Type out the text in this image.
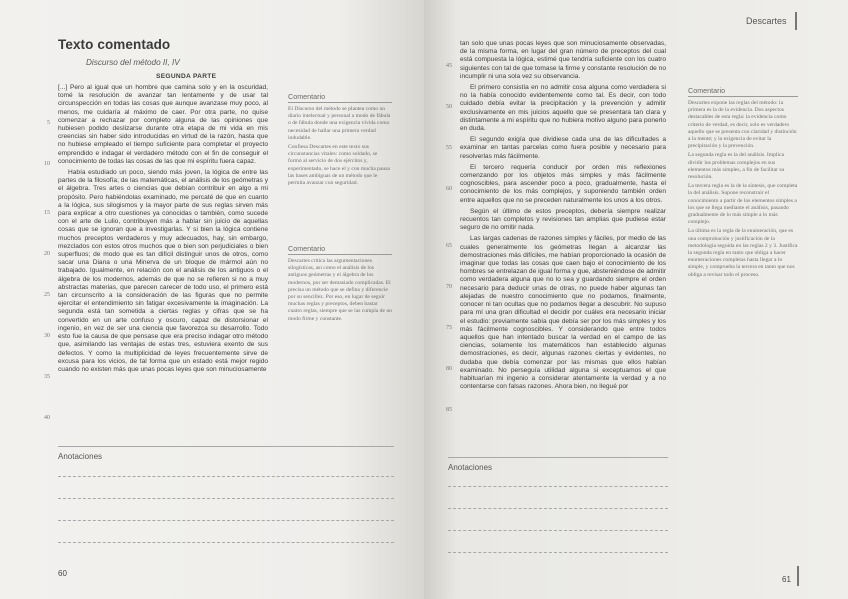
Texto comentado
Discurso del método II, IV
SEGUNDA PARTE

[...] Pero al igual que un hombre que camina solo y en la oscuridad, tomé la resolución de avanzar tan lentamente y de usar tal circunspección en todas las cosas que aunque avanzase muy poco, al menos, me cuidaría al máximo de caer. Por otra parte, no quise comenzar a rechazar por completo alguna de las opiniones que hubiesen podido deslizarse durante otra etapa de mi vida en mis creencias sin haber sido introducidas en virtud de la razón, hasta que no hubiese empleado el tiempo suficiente para completar el proyecto emprendido e indagar el verdadero método con el fin de conseguir el conocimiento de todas las cosas de las que mi espíritu fuera capaz.

Había estudiado un poco, siendo más joven, la lógica de entre las partes de la filosofía; de las matemáticas, el análisis de los geómetras y el álgebra. Tres artes o ciencias que debían contribuir en algo a mi propósito. Pero habiéndolas examinado, me percaté de que en cuanto a la lógica, sus silogismos y la mayor parte de sus reglas sirven más para explicar a otro cuestiones ya conocidas o también, como sucede con el arte de Lulio, contribuyen más a hablar sin juicio de aquellas cosas que se ignoran que a investigarlas. Y si bien la lógica contiene muchos preceptos verdaderos y muy adecuados, hay, sin embargo, mezclados con estos otros muchos que o bien son perjudiciales o bien superfluos; de modo que es tan difícil distinguir unos de otros, como sacar una Diana o una Minerva de un bloque de mármol aún no trabajado. Igualmente, en relación con el análisis de los antiguos o el álgebra de los modernos, además de que no se refieren si no a muy abstractas materias, que parecen carecer de todo uso, el primero está tan circunscrito a la consideración de las figuras que no permite ejercitar el entendimiento sin fatigar excesivamente la imaginación. La segunda está tan sometida a ciertas reglas y cifras que se ha convertido en un arte confuso y oscuro, capaz de distorsionar el ingenio, en vez de ser una ciencia que favorezca su desarrollo. Todo esto fue la causa de que pensase que era preciso indagar otro método que, asimilando las ventajas de estas tres, estuviera exento de sus defectos. Y como la multiplicidad de leyes frecuentemente sirve de excusa para los vicios, de tal forma que un estado está mejor regido cuando no existen más que unas pocas leyes que son minuciosamente

5
10
15
20
25
30
35
40
Comentario

El Discurso del método se plantea como un diario intelectual y personal a modo de fábula o de fábula donde una exigencia vivida como necesidad de hallar una primera verdad indudable.

Confiesa Descartes en este texto sus circunstancias vitales: como soldado, se formó al servicio de dos ejércitos y, experimentado, se hace el y con mucha pausa las bases ambiguas de un método que le permita avanzar con seguridad.

Comentario

Descartes critica las argumentaciones silogísticas, así como el análisis de los antiguos geómetras y el álgebra de los modernos, por ser demasiado complicadas. El precisa un método que se defina y diferencie por su sencillez. Por eso, en lugar de seguir muchas reglas y preceptos, deben bastar cuatro reglas, siempre que se las cumpla de un modo firme y constante.

Anotaciones
60
Descartes

tan solo que unas pocas leyes que son minuciosamente observadas, de la misma forma, en lugar del gran número de preceptos del cual está compuesta la lógica, estimé que tendría suficiente con los cuatro siguientes con tal de que tomase la firme y constante resolución de no incumplir ni una sola vez su observancia.

El primero consistía en no admitir cosa alguna como verdadera si no la había conocido evidentemente como tal. Es decir, con todo cuidado debía evitar la precipitación y la prevención y admitir exclusivamente en mis juicios aquello que se presentara tan clara y distintamente a mi espíritu que no hubiera motivo alguno para ponerlo en duda.

El segundo exigía que dividiese cada una de las dificultades a examinar en tantas parcelas como fuera posible y necesario para resolverlas más fácilmente.

El tercero requería conducir por orden mis reflexiones comenzando por los objetos más simples y más fácilmente cognoscibles, para ascender poco a poco, gradualmente, hasta el conocimiento de los más complejos, y suponiendo también orden entre aquellos que no se preceden naturalmente los unos a los otros.

Según el último de estos preceptos, debería siempre realizar recuentos tan completos y revisiones tan amplias que pudiese estar seguro de no omitir nada.

Las largas cadenas de razones simples y fáciles, por medio de las cuales generalmente los geómetras llegan a alcanzar las demostraciones más difíciles, me habían proporcionado la ocasión de imaginar que todas las cosas que caen bajo el conocimiento de los hombres se entrelazan de igual forma y que, absteniéndose de admitir como verdadera alguna que no lo sea y guardando siempre el orden necesario para deducir unas de otras, no puede haber algunas tan alejadas de nuestro conocimiento que no podamos, finalmente, conocer ni tan ocultas que no podamos llegar a descubrir. No supuso para mí una gran dificultad el decidir por cuáles era necesario iniciar el estudio: previamente sabía que debía ser por los más simples y los más fácilmente cognoscibles. Y considerando que entre todos aquellos que han intentado buscar la verdad en el campo de las ciencias, solamente los matemáticos han establecido algunas demostraciones, es decir, algunas razones ciertas y evidentes, no dudaba que debía comenzar por las mismas que ellos habían examinado. No perseguía utilidad alguna si exceptuamos el que habituarían mi ingenio a considerar atentamente la verdad y a no contentarse con falsas razones. Ahora bien, no llegué por

45
50
55
60
65
70
75
80
85
Comentario

Descartes expone las reglas del método: la primera es la de la evidencia. Dos aspectos destacables de esta regla: la evidencia como criterio de verdad, es decir, solo es verdadero aquello que se presenta con claridad y distinción a la mente; y la exigencia de evitar la precipitación y la prevención.

La segunda regla es la del análisis. Implica dividir los problemas complejos en sus elementos más simples, a fin de facilitar su resolución.

La tercera regla es la de la síntesis, que completa la del análisis. Supone reconstruir el conocimiento a partir de los elementos simples a los que se llega mediante el análisis, pasando gradualmente de lo más simple a lo más complejo.

La última es la regla de la enumeración, que es una comprobación y justificación de la metodología seguida en las reglas 2 y 3. Justifica la segunda regla en tanto que obliga a hacer enumeraciones completas hasta llegar a lo simple, y comprueba la tercera en tanto que nos obliga a revisar todo el proceso.

Anotaciones
61
